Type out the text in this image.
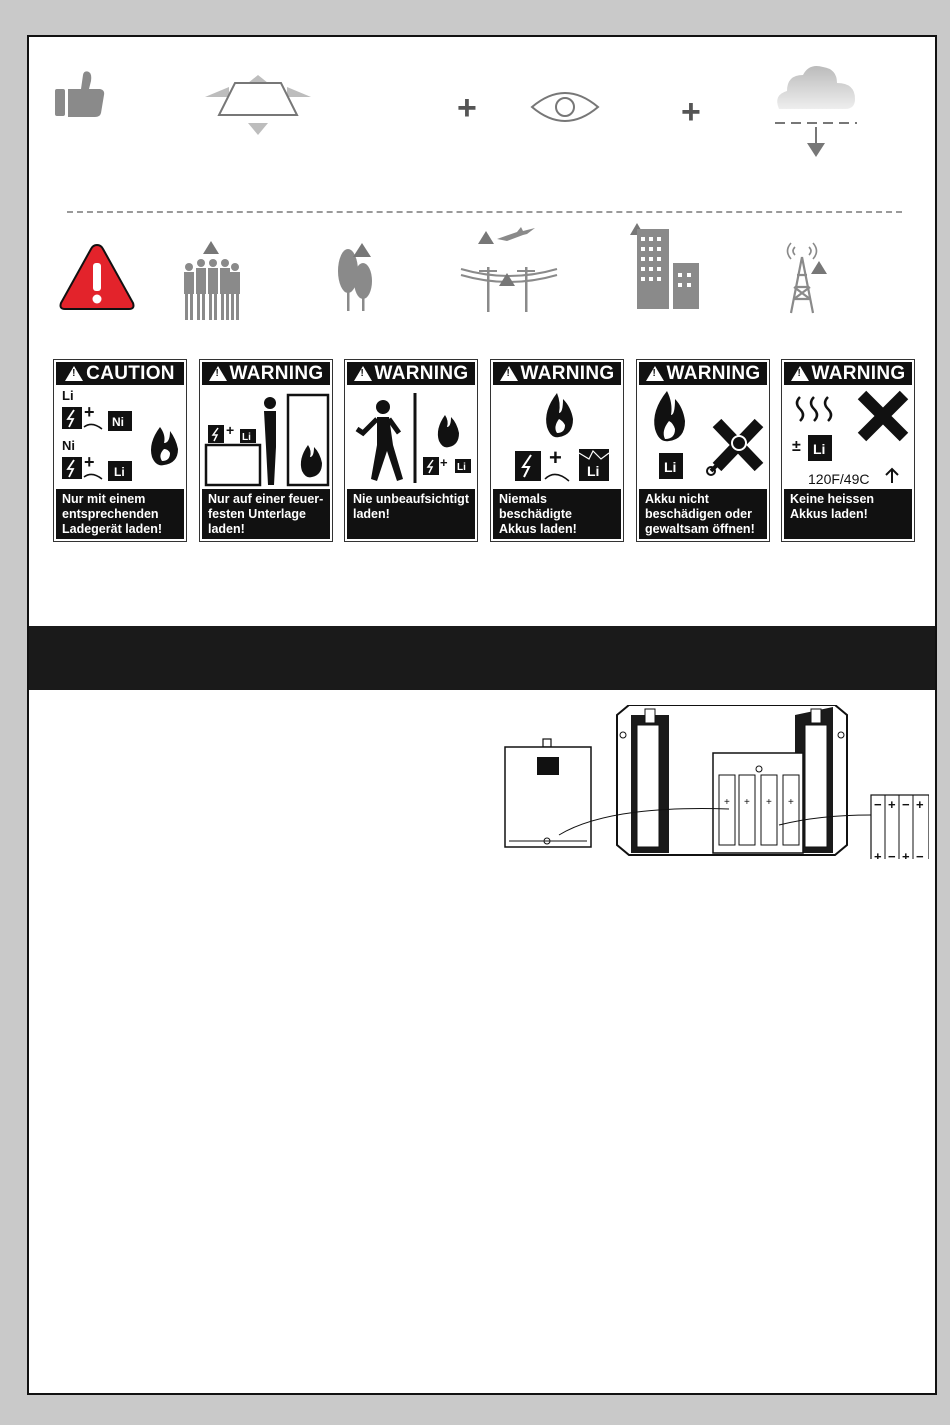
+	+
!
CAUTION
Li
+ Ni
Ni
+ Li
Nur mit einem
entsprechenden
Ladegerät laden!
!
WARNING
+ Li
Nur auf einer feuer-
festen Unterlage
laden!
!
WARNING
+ Li
Nie unbeaufsichtigt
laden!
!
WARNING
+
Li
Niemals
beschädigte
Akkus laden!
!
WARNING
Li
Akku nicht
beschädigen oder
gewaltsam öffnen!
!
WARNING
± Li
120F/49C
Keine heissen
Akkus laden!
+ + + +	− + − +
+ − + −
